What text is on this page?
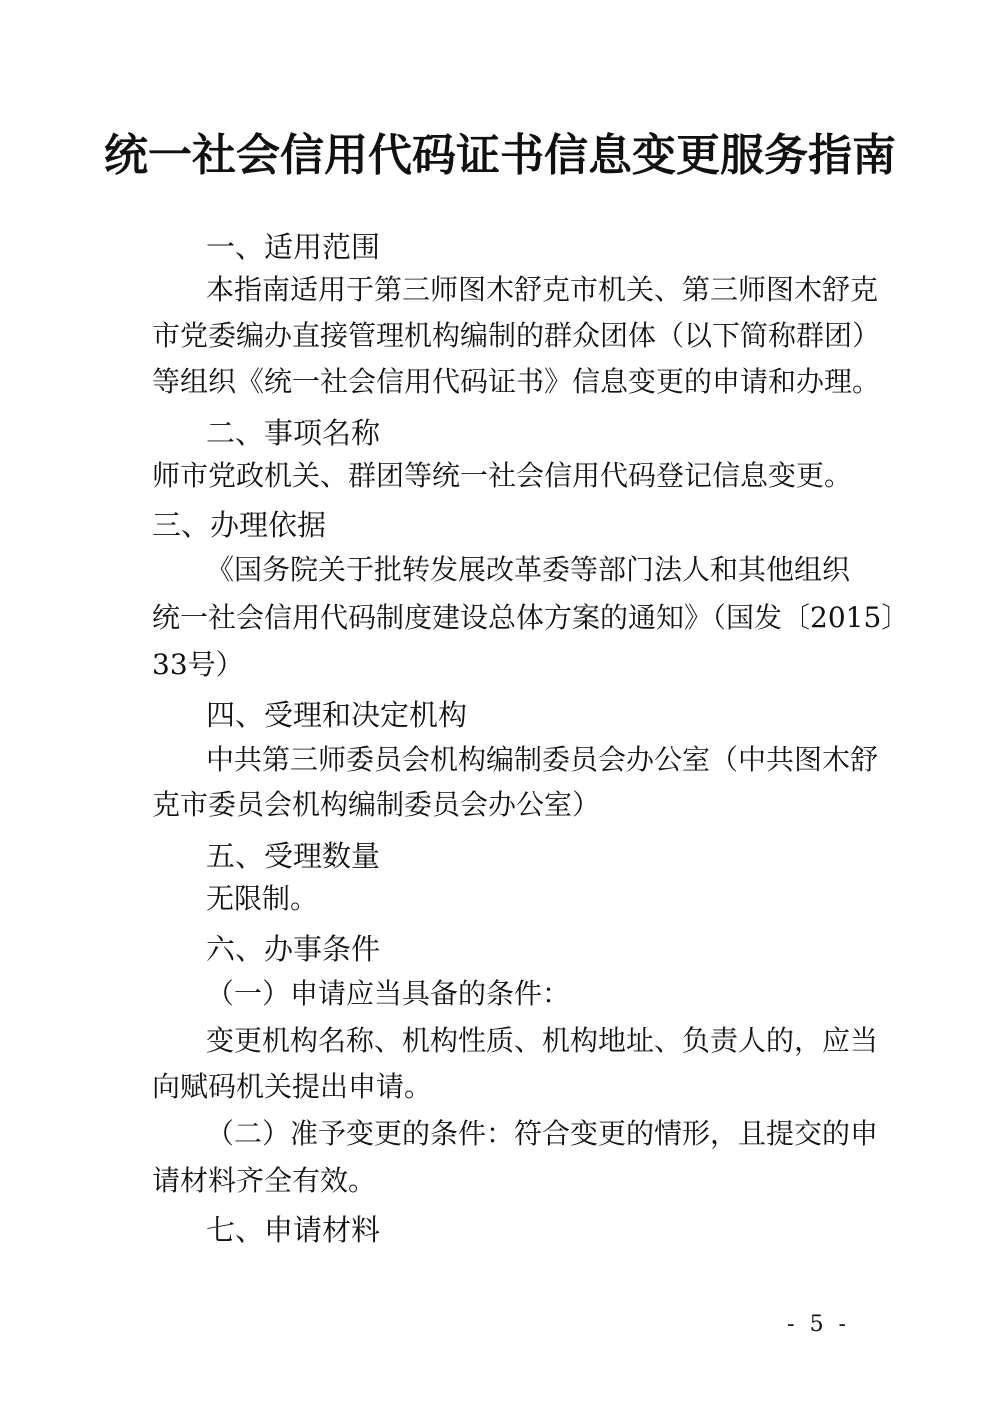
统一社会信用代码证书信息变更服务指南
一、适用范围
本指南适用于第三师图木舒克市机关、第三师图木舒克
市党委编办直接管理机构编制的群众团体（以下简称群团）
等组织《统一社会信用代码证书》信息变更的申请和办理。
二、事项名称
师市党政机关、群团等统一社会信用代码登记信息变更。
三、办理依据
《国务院关于批转发展改革委等部门法人和其他组织
统一社会信用代码制度建设总体方案的通知》（国发〔2015〕
33号）
四、受理和决定机构
中共第三师委员会机构编制委员会办公室（中共图木舒
克市委员会机构编制委员会办公室）
五、受理数量
无限制。
六、办事条件
（一）申请应当具备的条件：
变更机构名称、机构性质、机构地址、负责人的，应当
向赋码机关提出申请。
（二）准予变更的条件：符合变更的情形，且提交的申
请材料齐全有效。
七、申请材料
- 5 -
